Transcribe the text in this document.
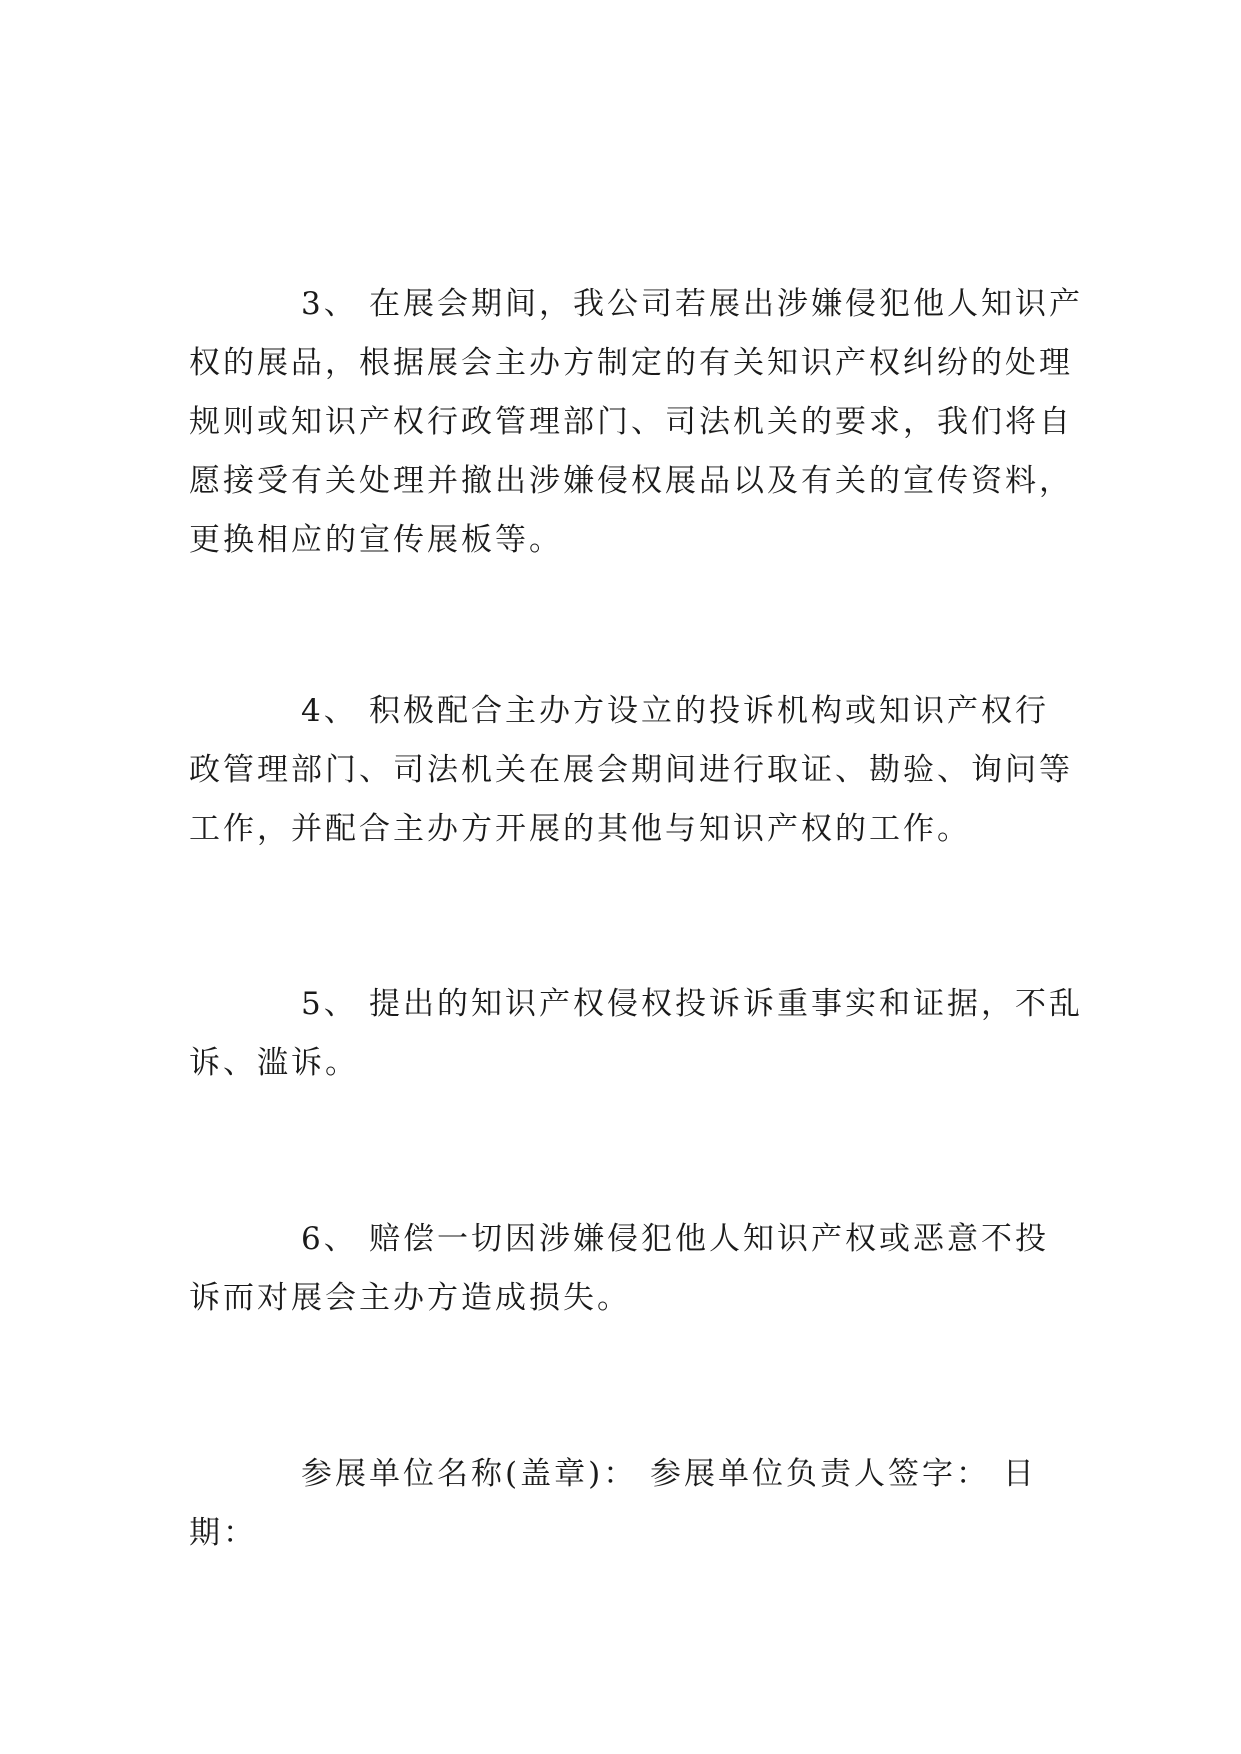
3、 在展会期间，我公司若展出涉嫌侵犯他人知识产
权的展品，根据展会主办方制定的有关知识产权纠纷的处理
规则或知识产权行政管理部门、司法机关的要求，我们将自
愿接受有关处理并撤出涉嫌侵权展品以及有关的宣传资料，
更换相应的宣传展板等。
4、 积极配合主办方设立的投诉机构或知识产权行
政管理部门、司法机关在展会期间进行取证、勘验、询问等
工作，并配合主办方开展的其他与知识产权的工作。
5、 提出的知识产权侵权投诉诉重事实和证据，不乱
诉、滥诉。
6、 赔偿一切因涉嫌侵犯他人知识产权或恶意不投
诉而对展会主办方造成损失。
参展单位名称(盖章)： 参展单位负责人签字： 日
期：
